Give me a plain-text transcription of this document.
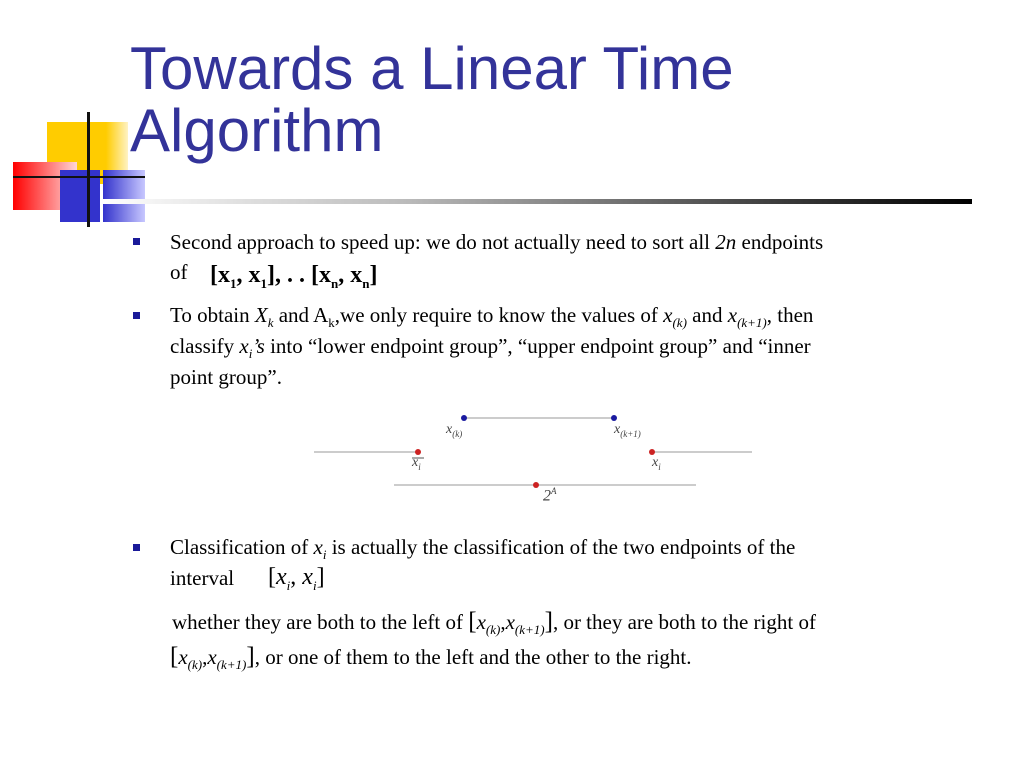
Towards a Linear Time
Algorithm
Second approach to speed up: we do not actually need to sort all 2n endpoints
of [$x_1$, $x_1$], . . [$x_n$, $x_n$]
To obtain $X_k$ and $A_k,we$ only require to know the values of $x_{(k)}$ and $x_{(k+1)}$, then
classify $x_i’s$ into “lower endpoint group”, “upper endpoint group” and “inner
point group”.
$x_{(k)}$	$x_{(k+1)}$
$x_i$	$x_i$
$2^A$
Classification of $x_i$ is actually the classification of the two endpoints of the
interval [$x_i$, $x_i$]
whether they are both to the left of $[x_{(k)},x_{(k+1)}]$, or they are both to the right of
$[x_{(k)},x_{(k+1)}]$, or one of them to the left and the other to the right.
